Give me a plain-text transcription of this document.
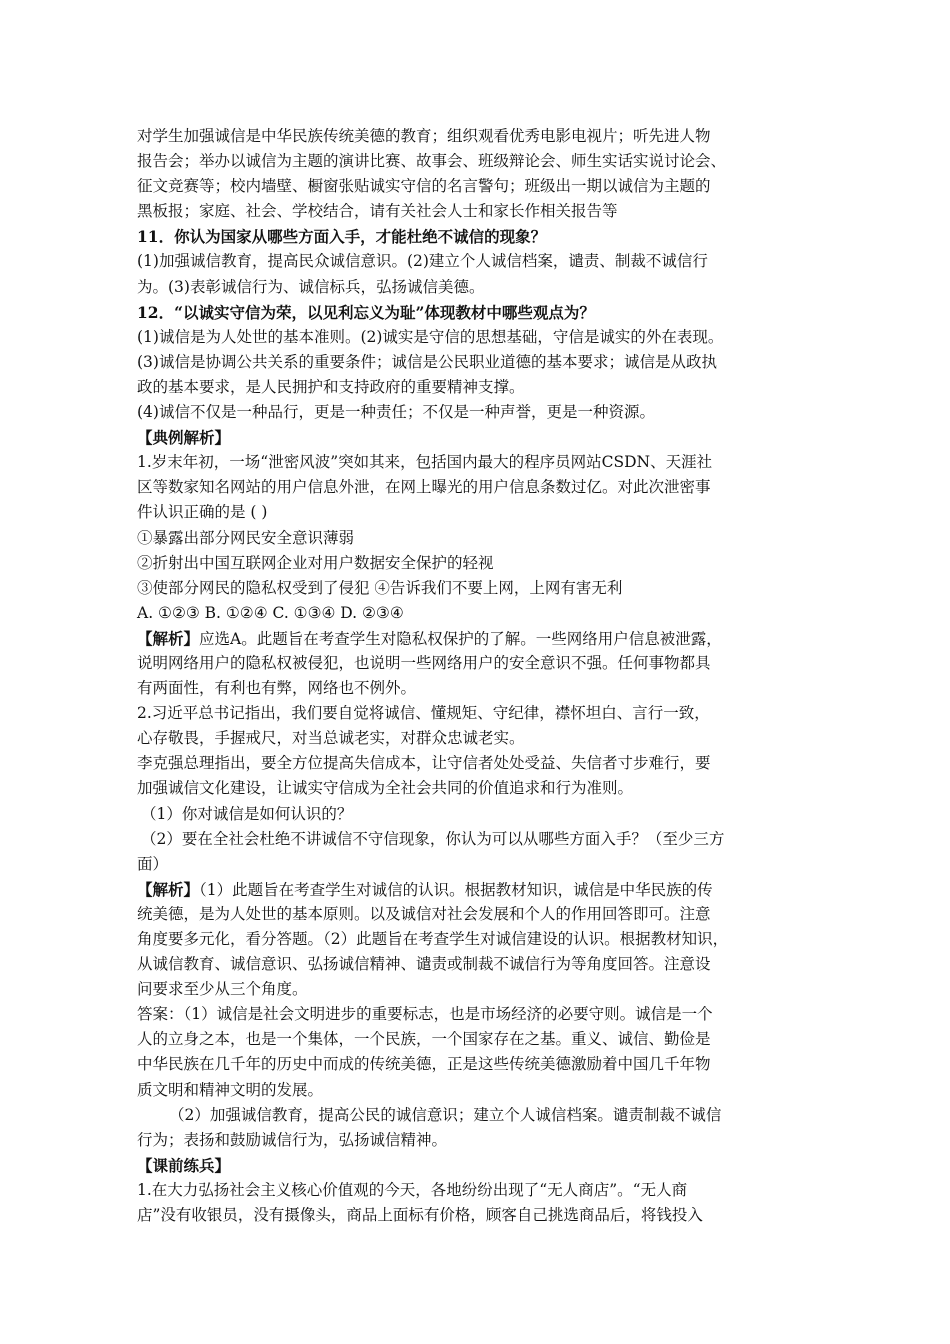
对学生加强诚信是中华民族传统美德的教育；组织观看优秀电影电视片；听先进人物
报告会；举办以诚信为主题的演讲比赛、故事会、班级辩论会、师生实话实说讨论会、
征文竞赛等；校内墙壁、橱窗张贴诚实守信的名言警句；班级出一期以诚信为主题的
黑板报；家庭、社会、学校结合，请有关社会人士和家长作相关报告等
11．你认为国家从哪些方面入手，才能杜绝不诚信的现象？
(1)加强诚信教育，提高民众诚信意识。(2)建立个人诚信档案，谴责、制裁不诚信行
为。(3)表彰诚信行为、诚信标兵，弘扬诚信美德。
12．“以诚实守信为荣，以见利忘义为耻”体现教材中哪些观点为？
(1)诚信是为人处世的基本准则。(2)诚实是守信的思想基础，守信是诚实的外在表现。
(3)诚信是协调公共关系的重要条件；诚信是公民职业道德的基本要求；诚信是从政执
政的基本要求，是人民拥护和支持政府的重要精神支撑。
(4)诚信不仅是一种品行，更是一种责任；不仅是一种声誉，更是一种资源。
【典例解析】
1.岁末年初，一场“泄密风波”突如其来，包括国内最大的程序员网站CSDN、天涯社
区等数家知名网站的用户信息外泄，在网上曝光的用户信息条数过亿。对此次泄密事
件认识正确的是 ( )
①暴露出部分网民安全意识薄弱
②折射出中国互联网企业对用户数据安全保护的轻视
③使部分网民的隐私权受到了侵犯 ④告诉我们不要上网，上网有害无利
A. ①②③ B. ①②④ C. ①③④ D. ②③④
【解析】应选A。此题旨在考查学生对隐私权保护的了解。一些网络用户信息被泄露，
说明网络用户的隐私权被侵犯，也说明一些网络用户的安全意识不强。任何事物都具
有两面性，有利也有弊，网络也不例外。
2.习近平总书记指出，我们要自觉将诚信、懂规矩、守纪律，襟怀坦白、言行一致，
心存敬畏，手握戒尺，对当总诚老实，对群众忠诚老实。
李克强总理指出，要全方位提高失信成本，让守信者处处受益、失信者寸步难行，要
加强诚信文化建设，让诚实守信成为全社会共同的价值追求和行为准则。
（1）你对诚信是如何认识的？
（2）要在全社会杜绝不讲诚信不守信现象，你认为可以从哪些方面入手？（至少三方
面）
【解析】（1）此题旨在考查学生对诚信的认识。根据教材知识，诚信是中华民族的传
统美德，是为人处世的基本原则。以及诚信对社会发展和个人的作用回答即可。注意
角度要多元化，看分答题。（2）此题旨在考查学生对诚信建设的认识。根据教材知识，
从诚信教育、诚信意识、弘扬诚信精神、谴责或制裁不诚信行为等角度回答。注意设
问要求至少从三个角度。
答案：（1）诚信是社会文明进步的重要标志，也是市场经济的必要守则。诚信是一个
人的立身之本，也是一个集体，一个民族，一个国家存在之基。重义、诚信、勤俭是
中华民族在几千年的历史中而成的传统美德，正是这些传统美德激励着中国几千年物
质文明和精神文明的发展。
（2）加强诚信教育，提高公民的诚信意识；建立个人诚信档案。谴责制裁不诚信
行为；表扬和鼓励诚信行为，弘扬诚信精神。
【课前练兵】
1.在大力弘扬社会主义核心价值观的今天，各地纷纷出现了“无人商店”。“无人商
店”没有收银员，没有摄像头，商品上面标有价格，顾客自己挑选商品后，将钱投入
